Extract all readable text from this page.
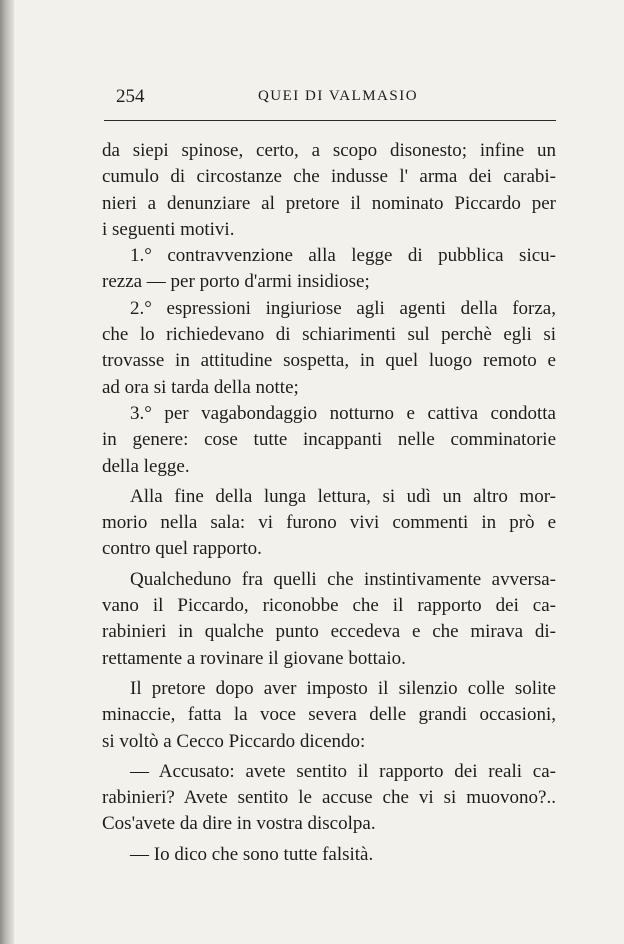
254	QUEI DI VALMASIO
da siepi spinose, certo, a scopo disonesto; infine un
cumulo di circostanze che indusse l' arma dei carabi-
nieri a denunziare al pretore il nominato Piccardo per
i seguenti motivi.
1.° contravvenzione alla legge di pubblica sicu-
rezza — per porto d'armi insidiose;
2.° espressioni ingiuriose agli agenti della forza,
che lo richiedevano di schiarimenti sul perchè egli si
trovasse in attitudine sospetta, in quel luogo remoto e
ad ora si tarda della notte;
3.° per vagabondaggio notturno e cattiva condotta
in genere: cose tutte incappanti nelle comminatorie
della legge.
Alla fine della lunga lettura, si udì un altro mor-
morio nella sala: vi furono vivi commenti in prò e
contro quel rapporto.
Qualcheduno fra quelli che instintivamente avversa-
vano il Piccardo, riconobbe che il rapporto dei ca-
rabinieri in qualche punto eccedeva e che mirava di-
rettamente a rovinare il giovane bottaio.
Il pretore dopo aver imposto il silenzio colle solite
minaccie, fatta la voce severa delle grandi occasioni,
si voltò a Cecco Piccardo dicendo:
— Accusato: avete sentito il rapporto dei reali ca-
rabinieri? Avete sentito le accuse che vi si muovono?..
Cos'avete da dire in vostra discolpa.
— Io dico che sono tutte falsità.
